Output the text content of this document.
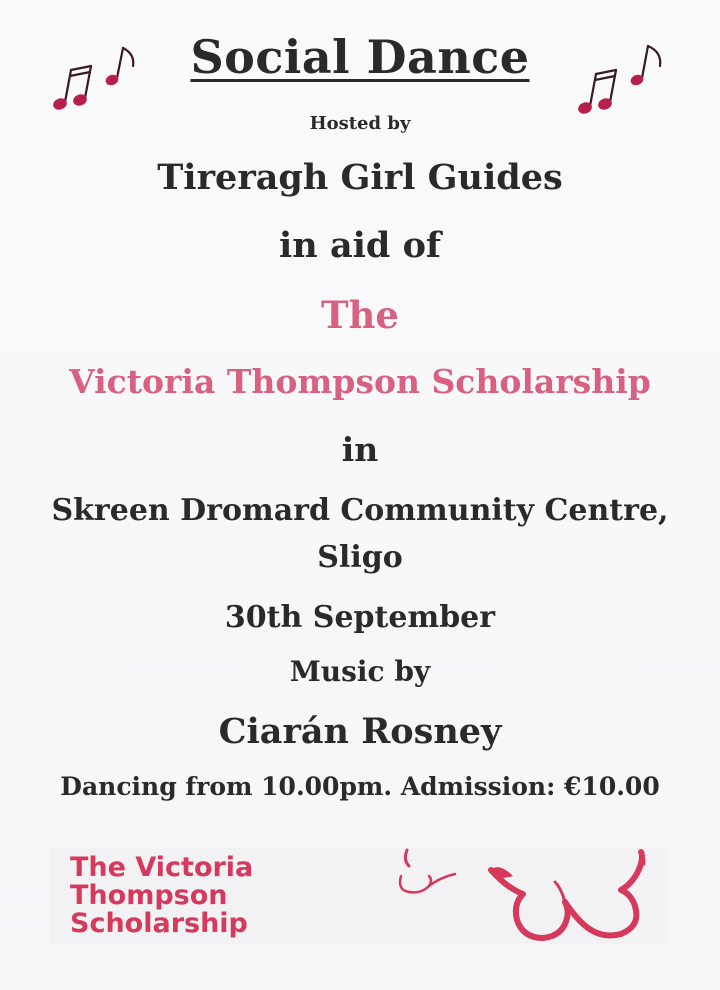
Social Dance
Hosted by
Tireragh Girl Guides
in aid of
The
Victoria Thompson Scholarship
in
Skreen Dromard Community Centre,
Sligo
30th September
Music by
Ciarán Rosney
Dancing from 10.00pm. Admission: €10.00
The Victoria
Thompson
Scholarship
